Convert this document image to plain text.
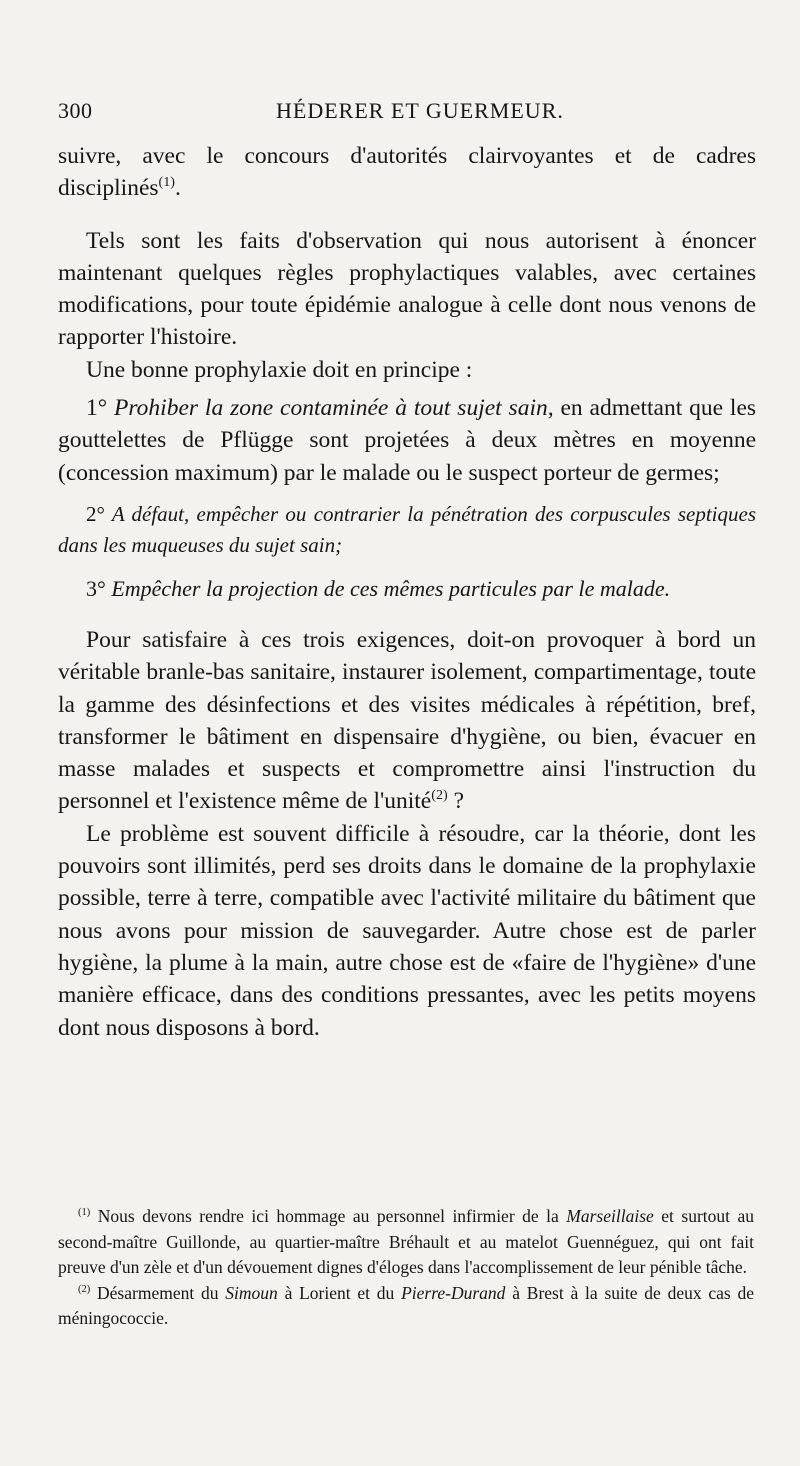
300	HÉDERER ET GUERMEUR.

suivre, avec le concours d'autorités clairvoyantes et de cadres disciplinés$^{(1)}$.

Tels sont les faits d'observation qui nous autorisent à énoncer maintenant quelques règles prophylactiques valables, avec certaines modifications, pour toute épidémie analogue à celle dont nous venons de rapporter l'histoire.

Une bonne prophylaxie doit en principe :

1° Prohiber la zone contaminée à tout sujet sain, en admettant que les gouttelettes de Pflügge sont projetées à deux mètres en moyenne (concession maximum) par le malade ou le suspect porteur de germes;

2° A défaut, empêcher ou contrarier la pénétration des corpuscules septiques dans les muqueuses du sujet sain;

3° Empêcher la projection de ces mêmes particules par le malade.

Pour satisfaire à ces trois exigences, doit-on provoquer à bord un véritable branle-bas sanitaire, instaurer isolement, compartimentage, toute la gamme des désinfections et des visites médicales à répétition, bref, transformer le bâtiment en dispensaire d'hygiène, ou bien, évacuer en masse malades et suspects et compromettre ainsi l'instruction du personnel et l'existence même de l'unité$^{(2)}$ ?

Le problème est souvent difficile à résoudre, car la théorie, dont les pouvoirs sont illimités, perd ses droits dans le domaine de la prophylaxie possible, terre à terre, compatible avec l'activité militaire du bâtiment que nous avons pour mission de sauvegarder. Autre chose est de parler hygiène, la plume à la main, autre chose est de «faire de l'hygiène» d'une manière efficace, dans des conditions pressantes, avec les petits moyens dont nous disposons à bord.

$^{(1)}$ Nous devons rendre ici hommage au personnel infirmier de la Marseillaise et surtout au second-maître Guillonde, au quartier-maître Bréhault et au matelot Guennéguez, qui ont fait preuve d'un zèle et d'un dévouement dignes d'éloges dans l'accomplissement de leur pénible tâche.

$^{(2)}$ Désarmement du Simoun à Lorient et du Pierre-Durand à Brest à la suite de deux cas de méningococcie.
